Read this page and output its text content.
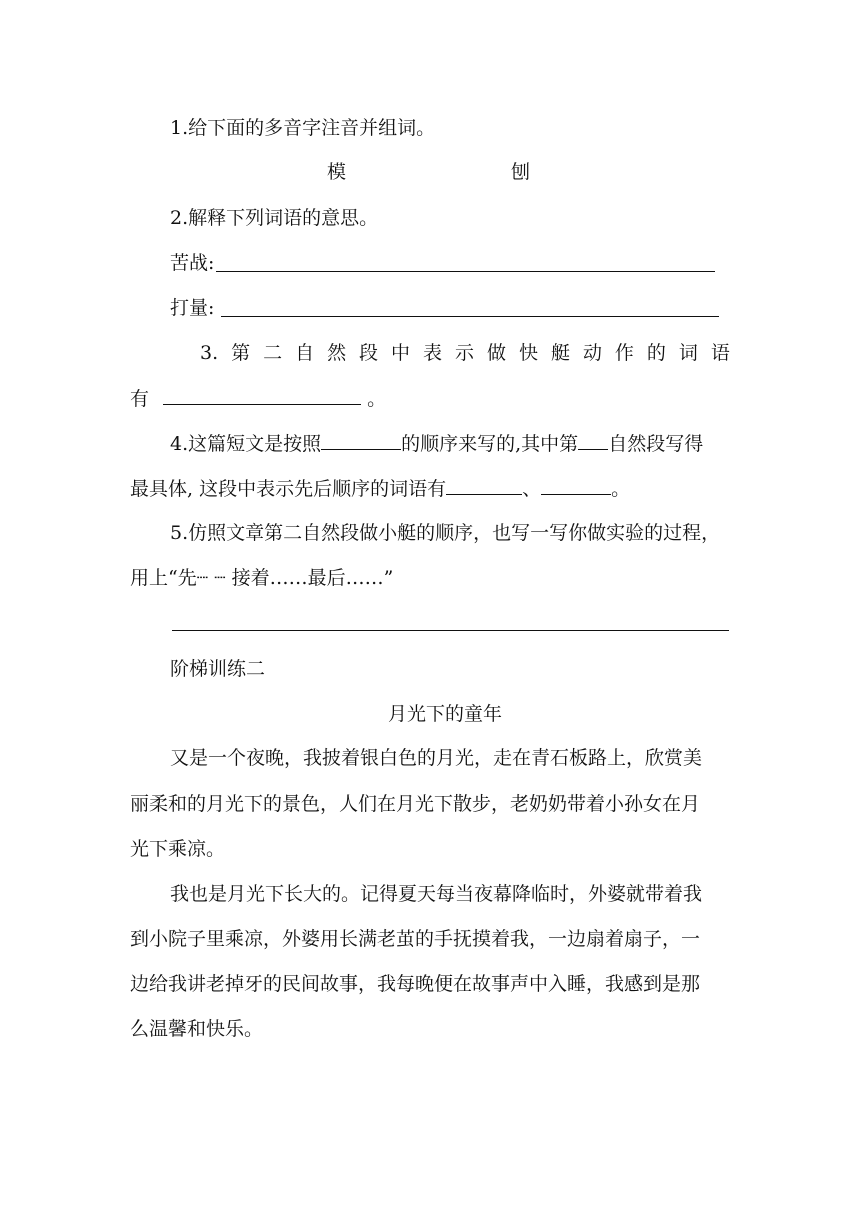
1.给下面的多音字注音并组词。
模	刨
2.解释下列词语的意思。
苦战:
打量:
3. 第 二 自 然 段 中 表 示 做 快 艇 动 作 的 词 语
有	。
4.这篇短文是按照	的顺序来写的,其中第 自然段写得
最具体, 这段中表示先后顺序的词语有	、	。
5.仿照文章第二自然段做小艇的顺序，也写一写你做实验的过程，
用上“先┈ ┈ 接着……最后……”
阶梯训练二
月光下的童年
又是一个夜晚，我披着银白色的月光，走在青石板路上，欣赏美
丽柔和的月光下的景色，人们在月光下散步，老奶奶带着小孙女在月
光下乘凉。
我也是月光下长大的。记得夏天每当夜幕降临时，外婆就带着我
到小院子里乘凉，外婆用长满老茧的手抚摸着我，一边扇着扇子，一
边给我讲老掉牙的民间故事，我每晚便在故事声中入睡，我感到是那
么温馨和快乐。
